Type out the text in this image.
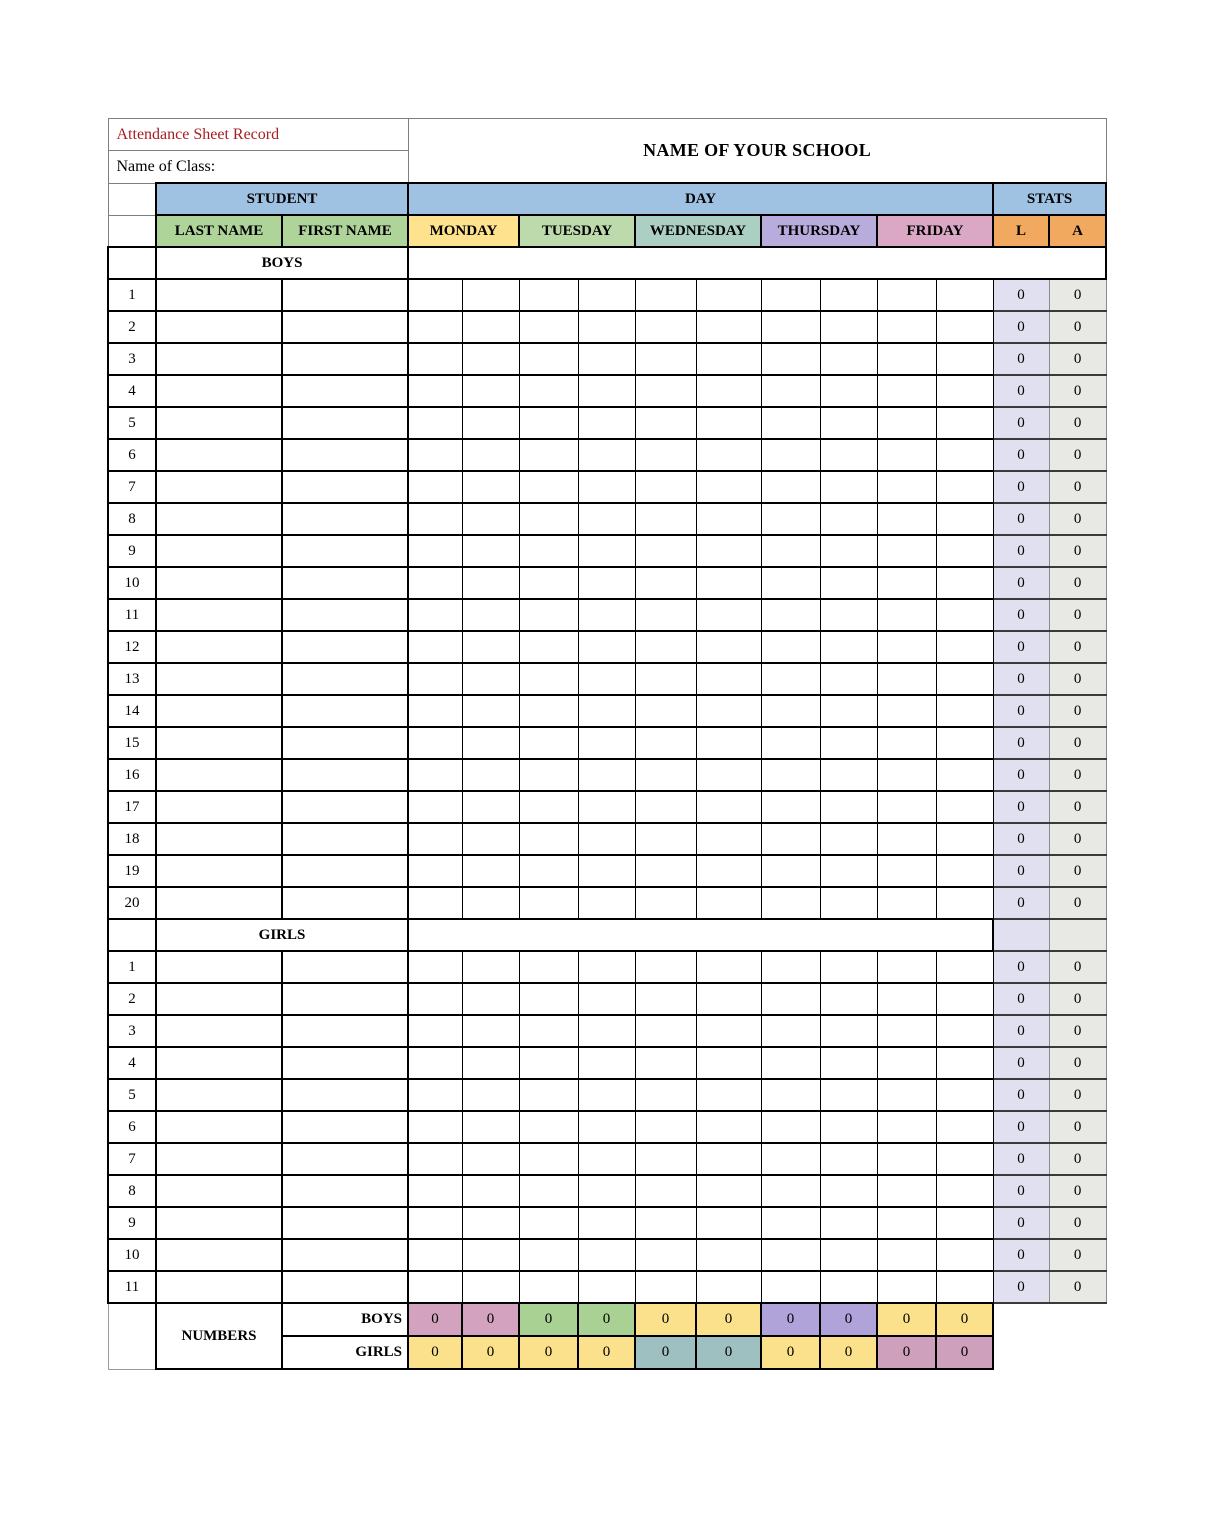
Attendance Sheet Record			NAME OF YOUR SCHOOL											
Name of Class:														
	STUDENT		DAY										STATS	
	LAST NAME	FIRST NAME	MONDAY		TUESDAY		WEDNESDAY		THURSDAY		FRIDAY		L	A
	BOYS													
1													0	0
2													0	0
3													0	0
4													0	0
5													0	0
6													0	0
7													0	0
8													0	0
9													0	0
10													0	0
11													0	0
12													0	0
13													0	0
14													0	0
15													0	0
16													0	0
17													0	0
18													0	0
19													0	0
20													0	0
	GIRLS													
1													0	0
2													0	0
3													0	0
4													0	0
5													0	0
6													0	0
7													0	0
8													0	0
9													0	0
10													0	0
11													0	0
	NUMBERS	BOYS	0	0	0	0	0	0	0	0	0	0		
		GIRLS	0	0	0	0	0	0	0	0	0	0		
